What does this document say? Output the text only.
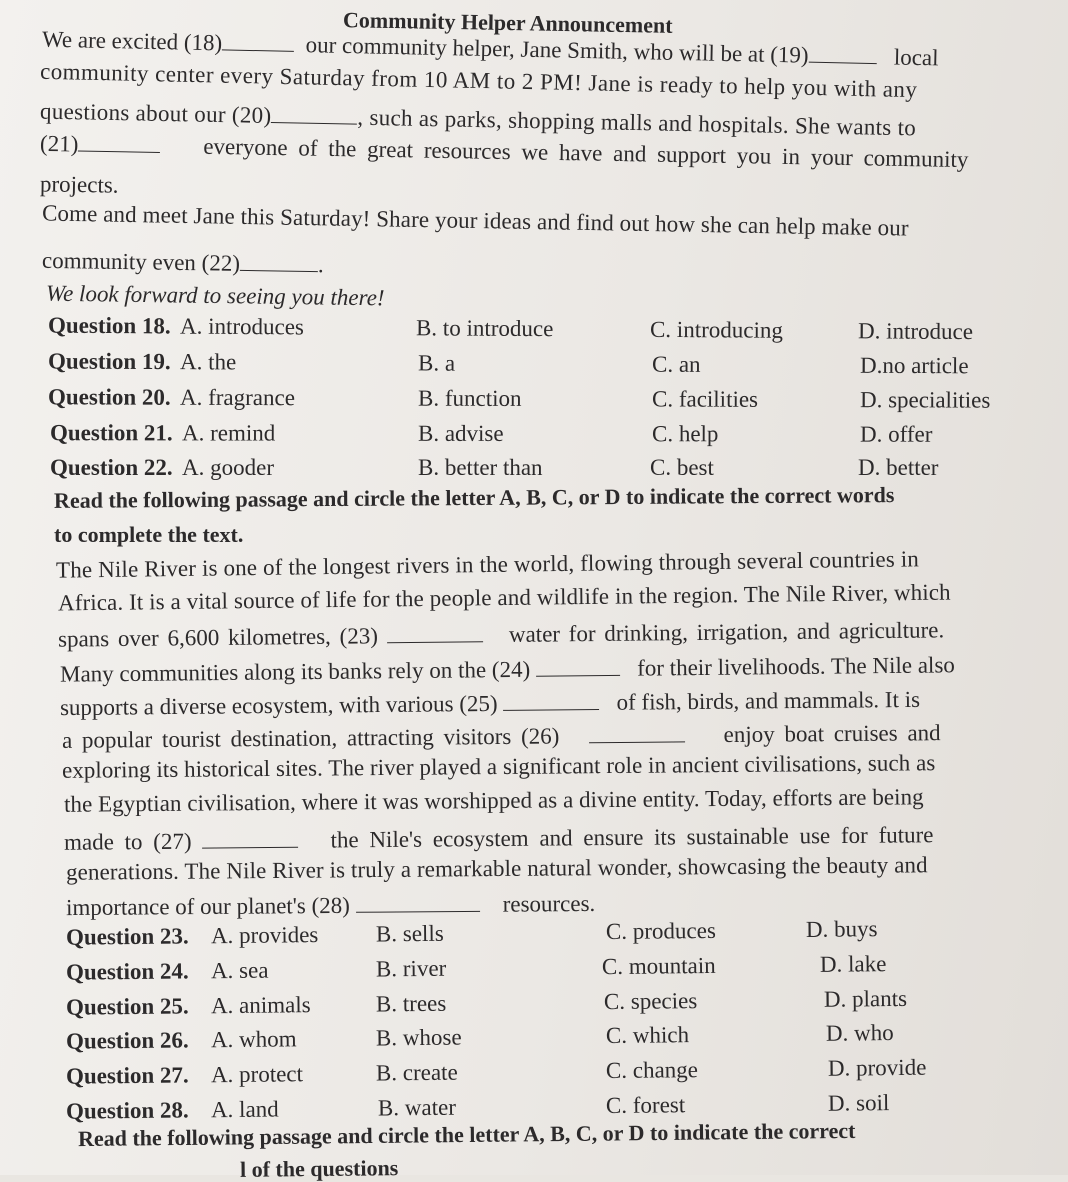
Community Helper Announcement
We are excited (18)	our community helper, Jane Smith, who will be at (19)	local
community center every Saturday from 10 AM to 2 PM! Jane is ready to help you with any
questions about our (20)	, such as parks, shopping malls and hospitals. She wants to
(21)	everyone of the great resources we have and support you in your community
projects.
Come and meet Jane this Saturday! Share your ideas and find out how she can help make our
community even (22)	.
We look forward to seeing you there!
Question 18. A. introduces	B. to introduce	C. introducing	D. introduce
Question 19. A. the	B. a	C. an	D.no article
Question 20. A. fragrance	B. function	C. facilities	D. specialities
Question 21. A. remind	B. advise	C. help	D. offer
Question 22. A. gooder	B. better than	C. best	D. better
Read the following passage and circle the letter A, B, C, or D to indicate the correct words
to complete the text.
The Nile River is one of the longest rivers in the world, flowing through several countries in
Africa. It is a vital source of life for the people and wildlife in the region. The Nile River, which
spans over 6,600 kilometres, (23)	water for drinking, irrigation, and agriculture.
Many communities along its banks rely on the (24)	for their livelihoods. The Nile also
supports a diverse ecosystem, with various (25)	of fish, birds, and mammals. It is
a popular tourist destination, attracting visitors (26)	enjoy boat cruises and
exploring its historical sites. The river played a significant role in ancient civilisations, such as
the Egyptian civilisation, where it was worshipped as a divine entity. Today, efforts are being
made to (27)	the Nile's ecosystem and ensure its sustainable use for future
generations. The Nile River is truly a remarkable natural wonder, showcasing the beauty and
importance of our planet's (28)	resources.
Question 23. A. provides B. sells	C. produces	D. buys
Question 24. A. sea	B. river	C. mountain	D. lake
Question 25. A. animals	B. trees	C. species	D. plants
Question 26. A. whom	B. whose	C. which	D. who
Question 27. A. protect	B. create	C. change	D. provide
Question 28. A. land	B. water	C. forest	D. soil
Read the following passage and circle the letter A, B, C, or D to indicate the correct
l of the questions
